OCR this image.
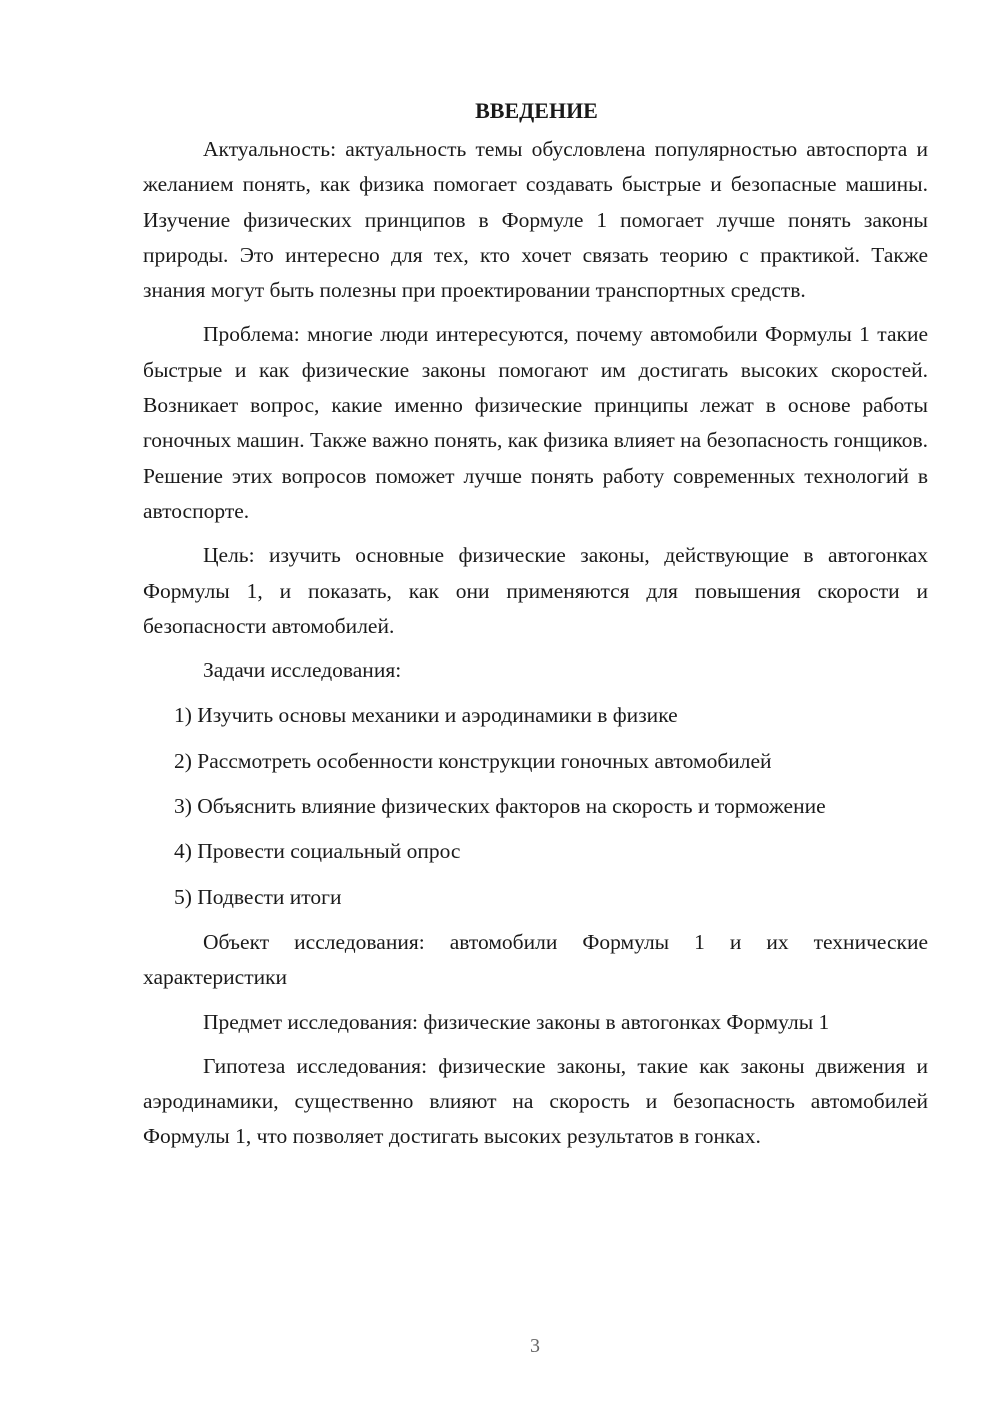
ВВЕДЕНИЕ

Актуальность: актуальность темы обусловлена популярностью автоспорта и желанием понять, как физика помогает создавать быстрые и безопасные машины. Изучение физических принципов в Формуле 1 помогает лучше понять законы природы. Это интересно для тех, кто хочет связать теорию с практикой. Также знания могут быть полезны при проектировании транспортных средств.

Проблема: многие люди интересуются, почему автомобили Формулы 1 такие быстрые и как физические законы помогают им достигать высоких скоростей. Возникает вопрос, какие именно физические принципы лежат в основе работы гоночных машин. Также важно понять, как физика влияет на безопасность гонщиков. Решение этих вопросов поможет лучше понять работу современных технологий в автоспорте.

Цель: изучить основные физические законы, действующие в автогонках Формулы 1, и показать, как они применяются для повышения скорости и безопасности автомобилей.

Задачи исследования:

1) Изучить основы механики и аэродинамики в физике
2) Рассмотреть особенности конструкции гоночных автомобилей
3) Объяснить влияние физических факторов на скорость и торможение
4) Провести социальный опрос
5) Подвести итоги

Объект исследования: автомобили Формулы 1 и их технические характеристики

Предмет исследования: физические законы в автогонках Формулы 1

Гипотеза исследования: физические законы, такие как законы движения и аэродинамики, существенно влияют на скорость и безопасность автомобилей Формулы 1, что позволяет достигать высоких результатов в гонках.

3
